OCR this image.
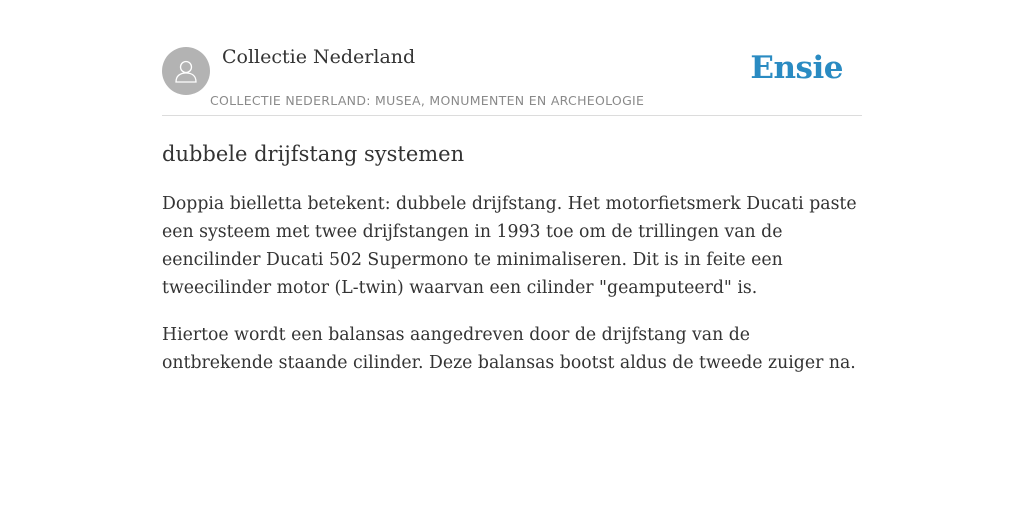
Collectie Nederland
COLLECTIE NEDERLAND: MUSEA, MONUMENTEN EN ARCHEOLOGIE
Ensie
dubbele drijfstang systemen

Doppia bielletta betekent: dubbele drijfstang. Het motorfietsmerk Ducati paste een systeem met twee drijfstangen in 1993 toe om de trillingen van de eencilinder Ducati 502 Supermono te minimaliseren. Dit is in feite een tweecilinder motor (L-twin) waarvan een cilinder "geamputeerd" is.

Hiertoe wordt een balansas aangedreven door de drijfstang van de ontbrekende staande cilinder. Deze balansas bootst aldus de tweede zuiger na.
